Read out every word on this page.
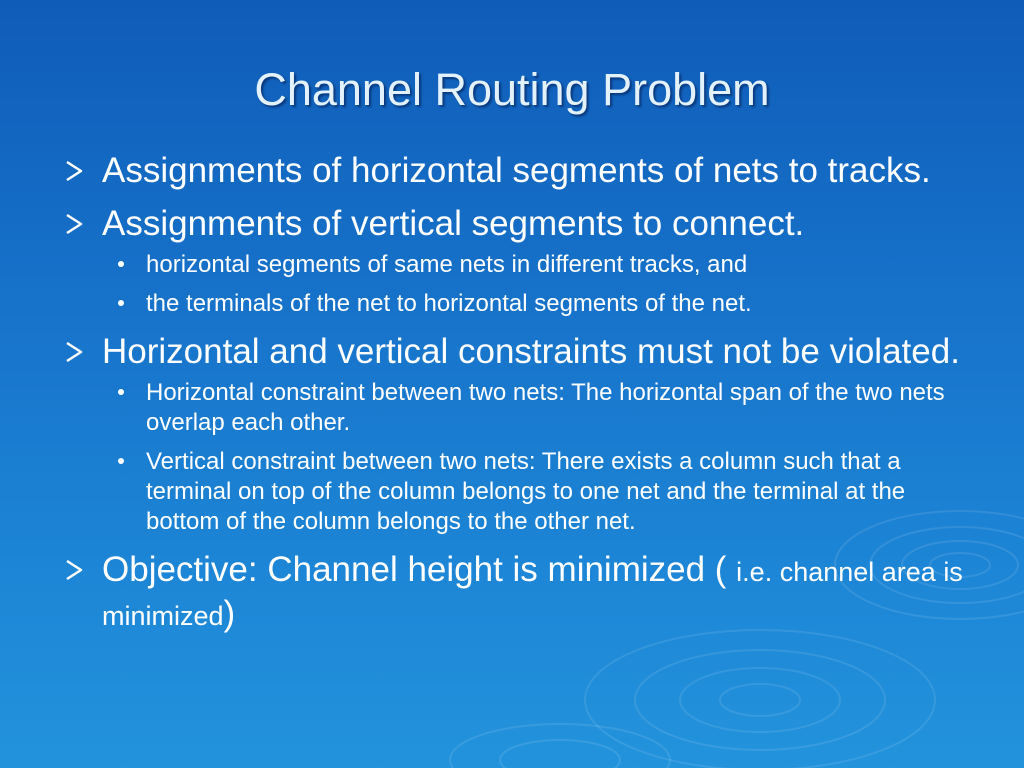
Channel Routing Problem
Assignments of horizontal segments of nets to tracks.
Assignments of vertical segments to connect.
horizontal segments of same nets in different tracks, and
the terminals of the net to horizontal segments of the net.
Horizontal and vertical constraints must not be violated.
Horizontal constraint between two nets: The horizontal span of the two nets overlap each other.
Vertical constraint between two nets: There exists a column such that a terminal on top of the column belongs to one net and the terminal at the bottom of the column belongs to the other net.
Objective: Channel height is minimized ( i.e. channel area is minimized)
